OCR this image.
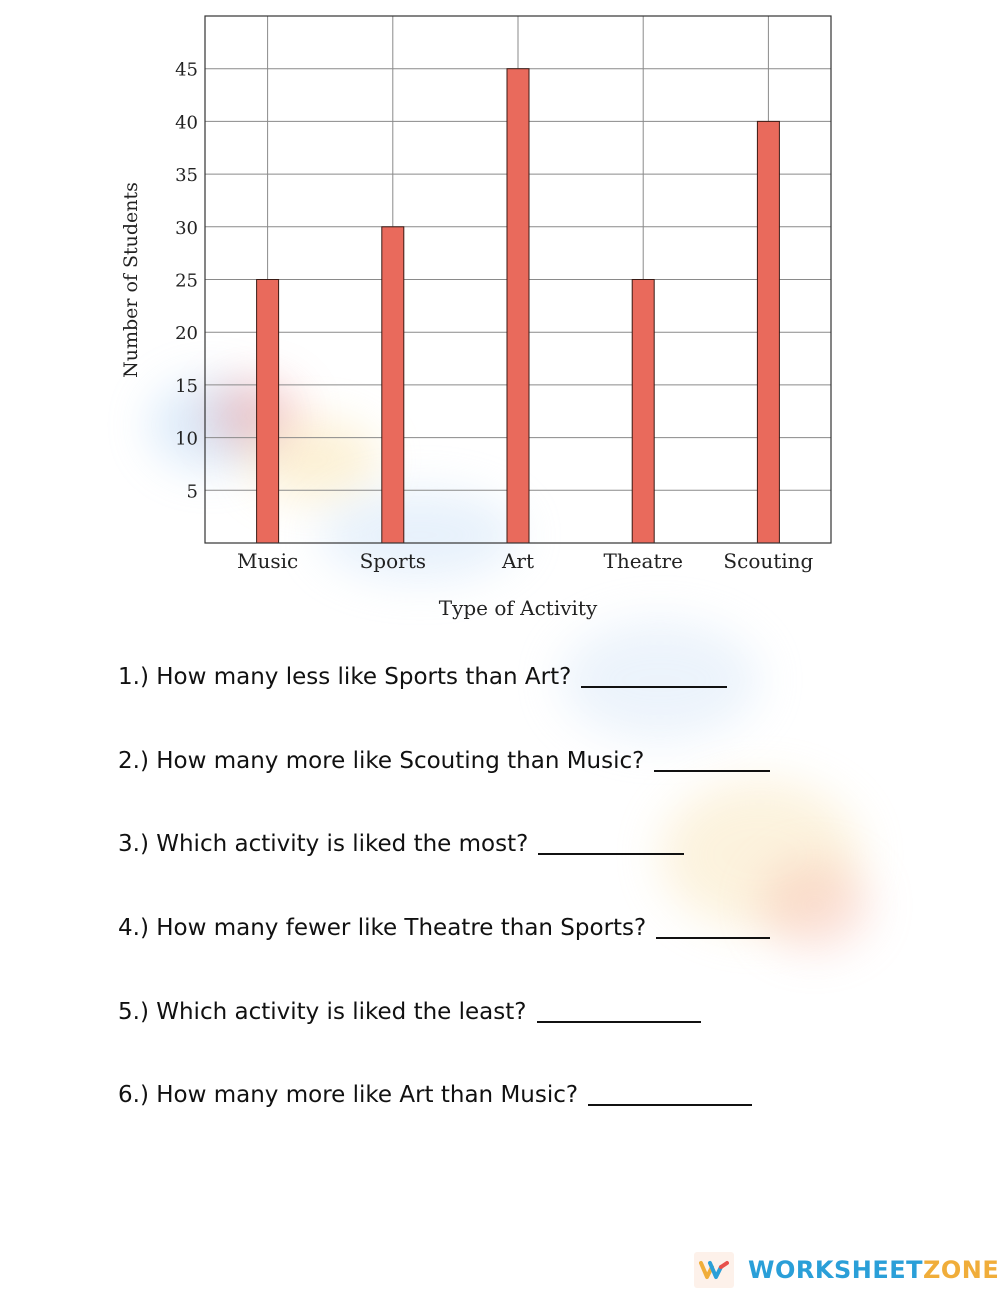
5
10
15
20
25
30
35
40
45
Music	Sports	Art	Theatre Scouting
Number of Students
Type of Activity
1.) How many less like Sports than Art?
2.) How many more like Scouting than Music?
3.) Which activity is liked the most?
4.) How many fewer like Theatre than Sports?
5.) Which activity is liked the least?
6.) How many more like Art than Music?
WORKSHEET ZONE
